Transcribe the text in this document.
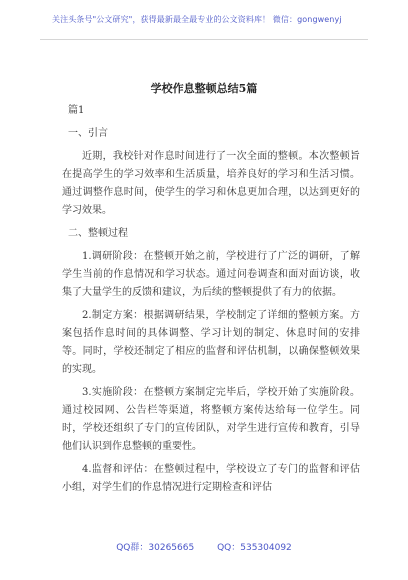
关注头条号"公文研究"，获得最新最全最专业的公文资料库！ 微信：gongwenyj
学校作息整顿总结5篇

篇1

一、引言

近期，我校针对作息时间进行了一次全面的整顿。本次整顿旨在提高学生的学习效率和生活质量，培养良好的学习和生活习惯。通过调整作息时间，使学生的学习和休息更加合理，以达到更好的学习效果。

二、整顿过程

1.调研阶段：在整顿开始之前，学校进行了广泛的调研，了解学生当前的作息情况和学习状态。通过问卷调查和面对面访谈，收集了大量学生的反馈和建议，为后续的整顿提供了有力的依据。

2.制定方案：根据调研结果，学校制定了详细的整顿方案。方案包括作息时间的具体调整、学习计划的制定、休息时间的安排等。同时，学校还制定了相应的监督和评估机制，以确保整顿效果的实现。

3.实施阶段：在整顿方案制定完毕后，学校开始了实施阶段。通过校园网、公告栏等渠道，将整顿方案传达给每一位学生。同时，学校还组织了专门的宣传团队，对学生进行宣传和教育，引导他们认识到作息整顿的重要性。

4.监督和评估：在整顿过程中，学校设立了专门的监督和评估小组，对学生们的作息情况进行定期检查和评估

QQ群：30265665	QQ：535304092
